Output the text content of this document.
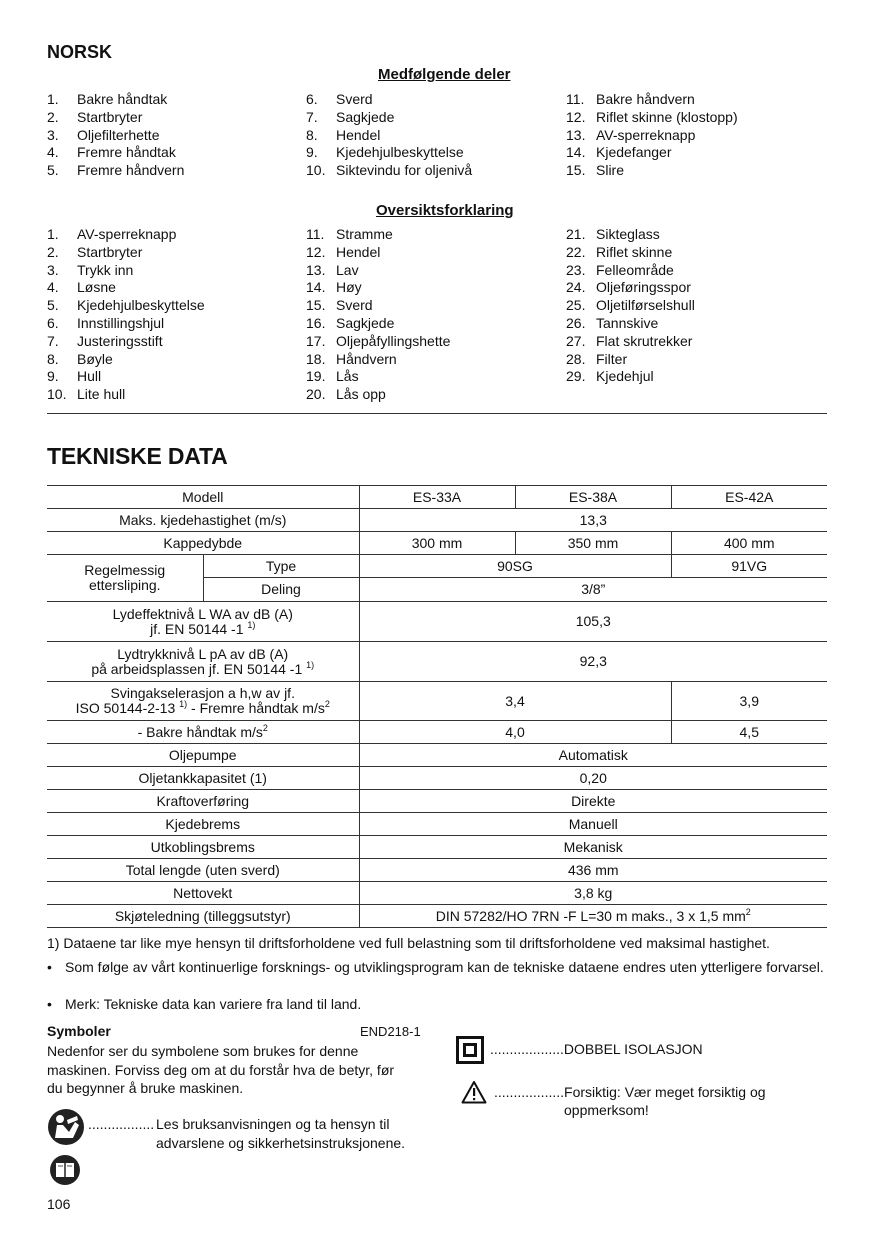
NORSK
Medfølgende deler
1.	Bakre håndtak
2.	Startbryter
3.	Oljefilterhette
4.	Fremre håndtak
5.	Fremre håndvern
6.	Sverd
7.	Sagkjede
8.	Hendel
9.	Kjedehjulbeskyttelse
10. Siktevindu for oljenivå
11. Bakre håndvern
12. Riflet skinne (klostopp)
13. AV-sperreknapp
14. Kjedefanger
15. Slire
Oversiktsforklaring
1.	AV-sperreknapp
2.	Startbryter
3.	Trykk inn
4.	Løsne
5.	Kjedehjulbeskyttelse
6.	Innstillingshjul
7.	Justeringsstift
8.	Bøyle
9.	Hull
10. Lite hull
11. Stramme
12. Hendel
13. Lav
14. Høy
15. Sverd
16. Sagkjede
17. Oljepåfyllingshette
18. Håndvern
19. Lås
20. Lås opp
21. Sikteglass
22. Riflet skinne
23. Felleområde
24. Oljeføringsspor
25. Oljetilførselshull
26. Tannskive
27. Flat skrutrekker
28. Filter
29. Kjedehjul
TEKNISKE DATA
Modell		ES-33A	ES-38A	ES-42A
Maks. kjedehastighet (m/s)		13,3		
Kappedybde		300 mm	350 mm	400 mm
Regelmessig
ettersliping.	Type	90SG		91VG
	Deling	3/8”		
Lydeffektnivå L WA av dB (A)
jf. EN 50144 -1 $^{1)}$		105,3		
Lydtrykknivå L pA av dB (A)
på arbeidsplassen jf. EN 50144 -1 $^{1)}$		92,3		
Svingakselerasjon a h,w av jf.
ISO 50144-2-13 $^{1)}$ - Fremre håndtak $m/s^2$		3,4		3,9
- Bakre håndtak $m/s^2$		4,0		4,5
Oljepumpe		Automatisk		
Oljetankkapasitet (1)		0,20		
Kraftoverføring		Direkte		
Kjedebrems		Manuell		
Utkoblingsbrems		Mekanisk		
Total lengde (uten sverd)		436 mm		
Nettovekt		3,8 kg		
Skjøteledning (tilleggsutstyr)		DIN 57282/HO 7RN -F L=30 m maks., 3 x 1,5 $mm^2$
1) Dataene tar like mye hensyn til driftsforholdene ved full belastning som til driftsforholdene ved maksimal hastighet.
• Som følge av vårt kontinuerlige forsknings- og utviklingsprogram kan de tekniske dataene endres uten ytterligere forvarsel.
• Merk: Tekniske data kan variere fra land til land.
Symboler	END218-1
Nedenfor ser du symbolene som brukes for denne maskinen. Forviss deg om at du forstår hva de betyr, før du begynner å bruke maskinen.
................. Les bruksanvisningen og ta hensyn til advarslene og sikkerhetsinstruksjonene.
...................DOBBEL ISOLASJON
..................Forsiktig: Vær meget forsiktig og oppmerksom!
106
